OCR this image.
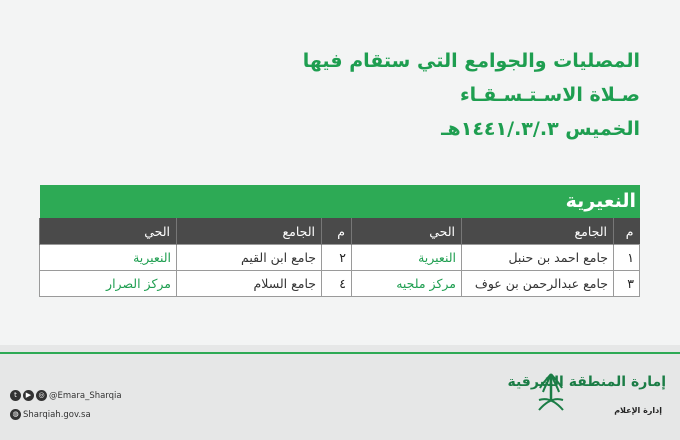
المصليات والجوامع التي ستقام فيها
صـلاة الاسـتـسـقـاء
الخميس ٣./٣./١٤٤١هـ
النعيرية
م	الجامع	الحي	م	الجامع	الحي
١	جامع احمد بن حنبل	النعيرية	٢	جامع ابن القيم	النعيرية
٣	جامع عبدالرحمن بن عوف	مركز ملجيه	٤	جامع السلام	مركز الصرار
t	▶	◎ @Emara_Sharqia
◍ Sharqiah.gov.sa
إمارة المنطقة الشرقية
إدارة الإعلام
